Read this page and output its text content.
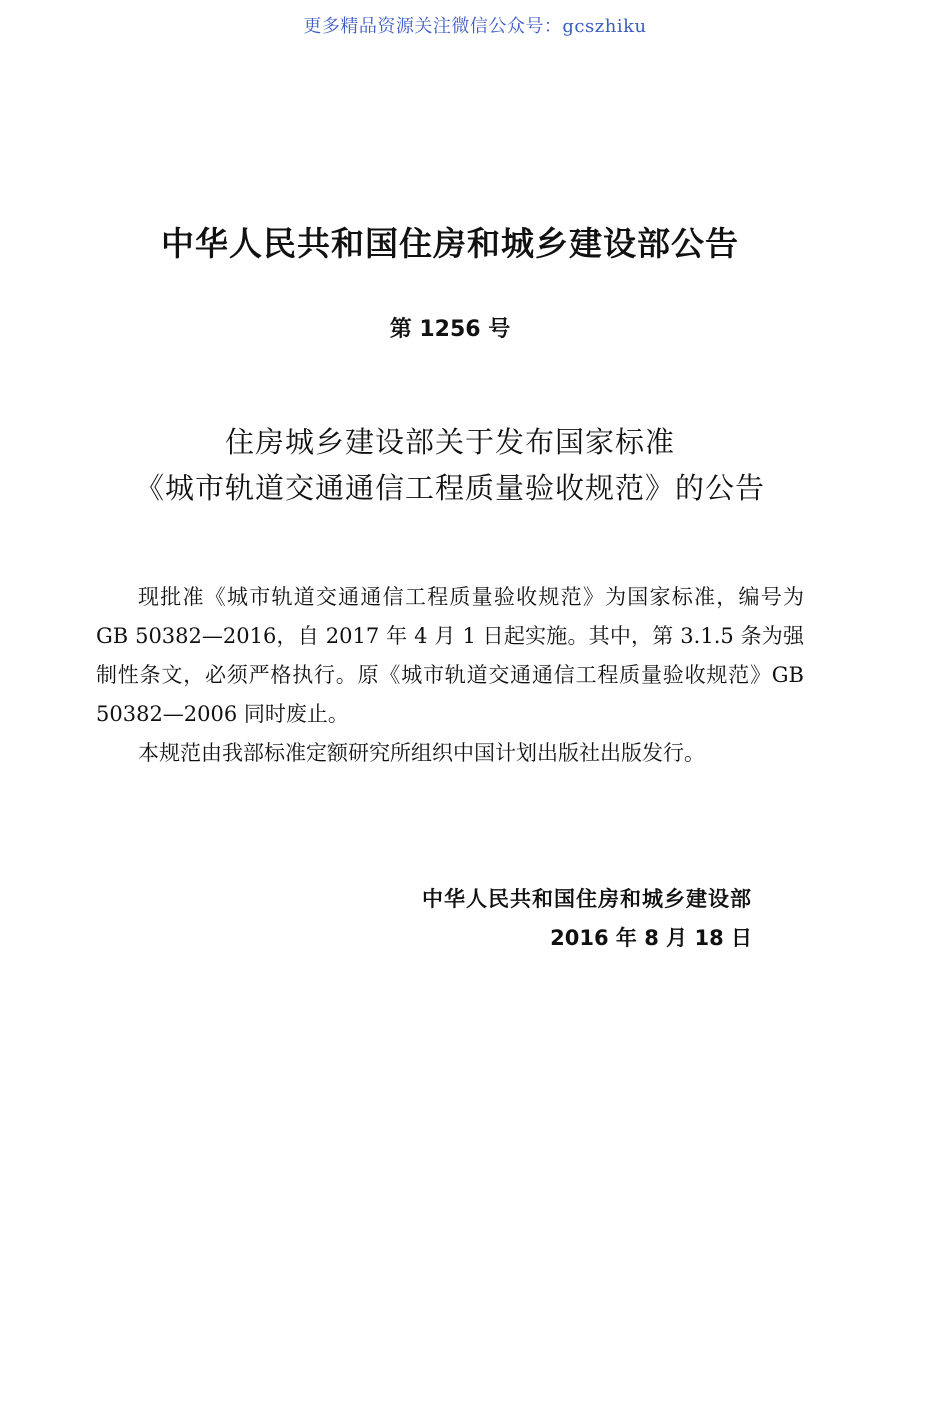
更多精品资源关注微信公众号：gcszhiku
中华人民共和国住房和城乡建设部公告
第 1256 号
住房城乡建设部关于发布国家标准
《城市轨道交通通信工程质量验收规范》的公告

现批准《城市轨道交通通信工程质量验收规范》为国家标准，编号为 GB 50382—2016，自 2017 年 4 月 1 日起实施。其中，第 3.1.5 条为强制性条文，必须严格执行。原《城市轨道交通通信工程质量验收规范》GB 50382—2006 同时废止。

本规范由我部标准定额研究所组织中国计划出版社出版发行。

中华人民共和国住房和城乡建设部
2016 年 8 月 18 日
